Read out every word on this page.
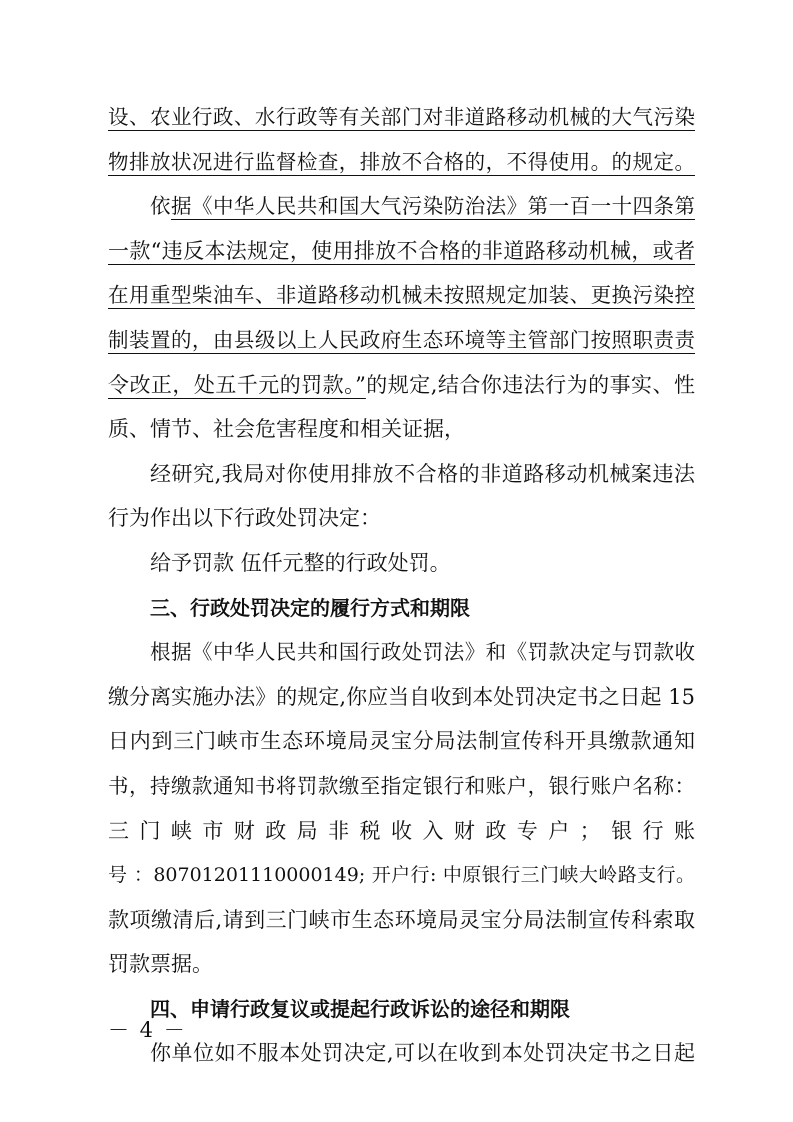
设、农业行政、水行政等有关部门对非道路移动机械的大气污染
物排放状况进行监督检查，排放不合格的，不得使用。的规定。
依据《中华人民共和国大气污染防治法》第一百一十四条第
一款“违反本法规定，使用排放不合格的非道路移动机械，或者
在用重型柴油车、非道路移动机械未按照规定加装、更换污染控
制装置的，由县级以上人民政府生态环境等主管部门按照职责责
令改正，处五千元的罚款。”的规定,结合你违法行为的事实、性
质、情节、社会危害程度和相关证据，
经研究,我局对你使用排放不合格的非道路移动机械案违法
行为作出以下行政处罚决定：
给予罚款 伍仟元整的行政处罚。
三、行政处罚决定的履行方式和期限
根据《中华人民共和国行政处罚法》和《罚款决定与罚款收
缴分离实施办法》的规定,你应当自收到本处罚决定书之日起 15
日内到三门峡市生态环境局灵宝分局法制宣传科开具缴款通知
书，持缴款通知书将罚款缴至指定银行和账户，银行账户名称：
三门峡市财政局非税收入财政专户；银行账
号 ：80701201110000149; 开户行: 中原银行三门峡大岭路支行。
款项缴清后,请到三门峡市生态环境局灵宝分局法制宣传科索取
罚款票据。
四、申请行政复议或提起行政诉讼的途径和期限
你单位如不服本处罚决定,可以在收到本处罚决定书之日起
－ 4 －
